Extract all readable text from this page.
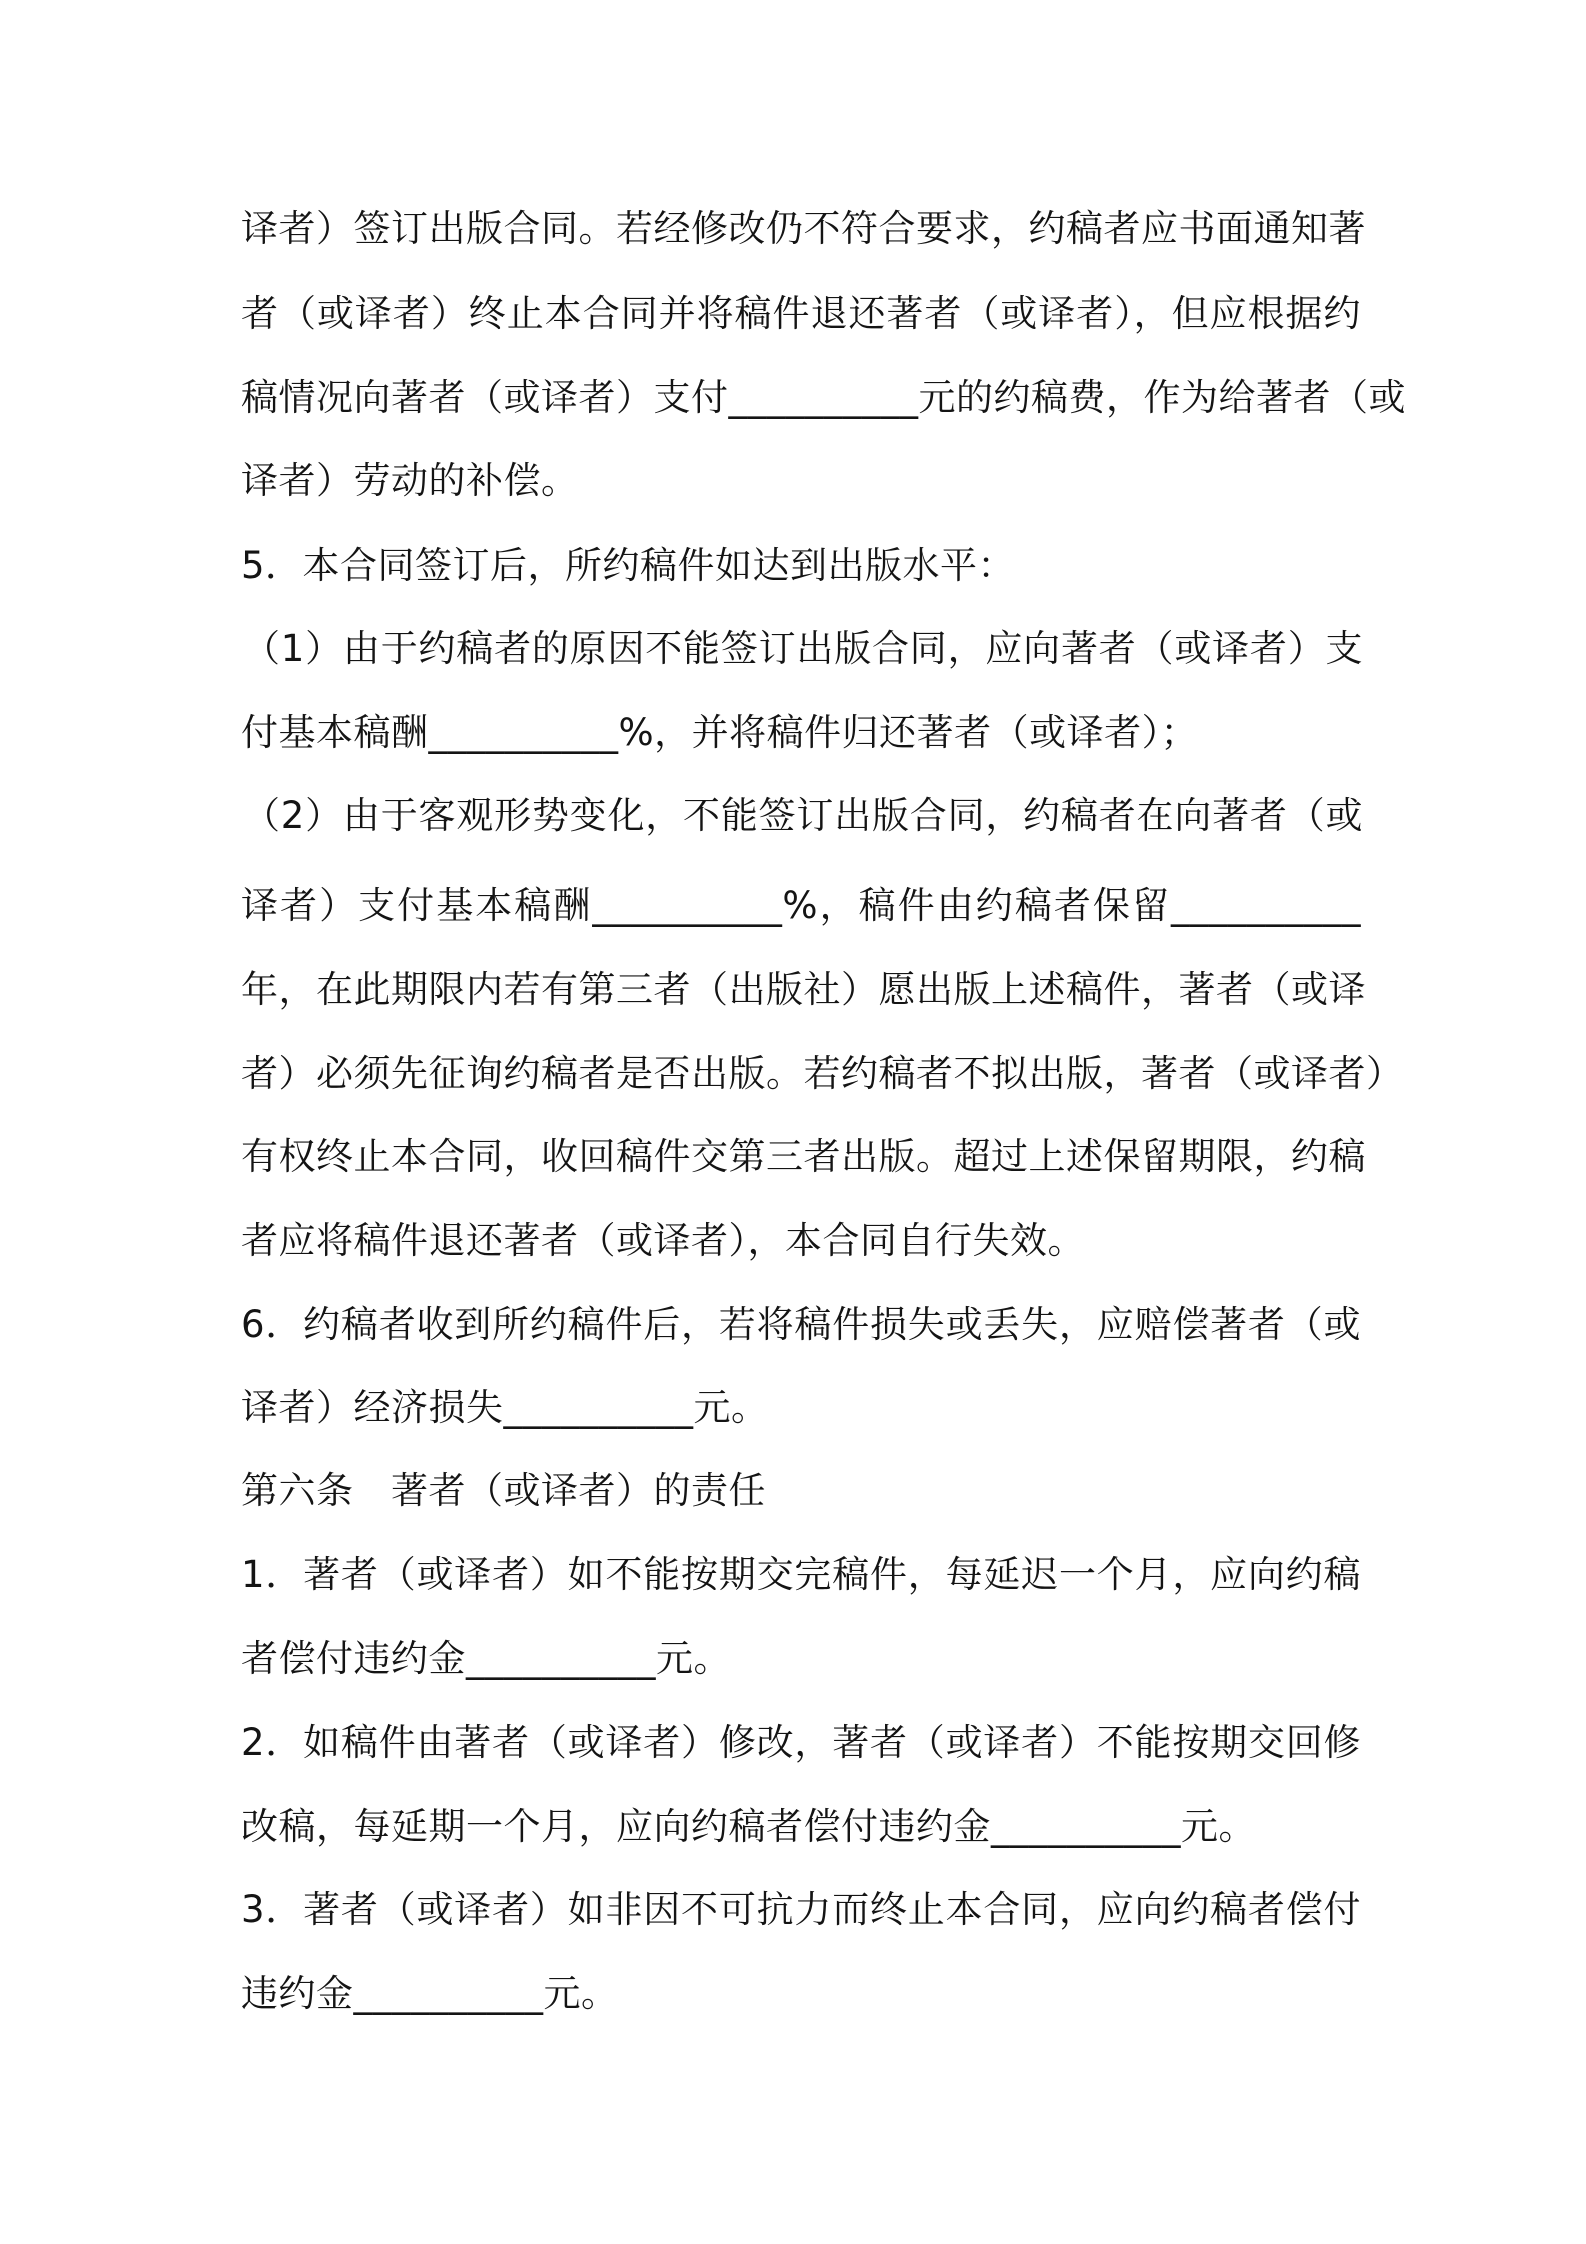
译者）签订出版合同。若经修改仍不符合要求，约稿者应书面通知著
者（或译者）终止本合同并将稿件退还著者（或译者），但应根据约
稿情况向著者（或译者）支付__________元的约稿费，作为给著者（或
译者）劳动的补偿。
5．本合同签订后，所约稿件如达到出版水平：
（1）由于约稿者的原因不能签订出版合同，应向著者（或译者）支
付基本稿酬__________%，并将稿件归还著者（或译者）；
（2）由于客观形势变化，不能签订出版合同，约稿者在向著者（或
译者）支付基本稿酬__________%，稿件由约稿者保留__________
年，在此期限内若有第三者（出版社）愿出版上述稿件，著者（或译
者）必须先征询约稿者是否出版。若约稿者不拟出版，著者（或译者）
有权终止本合同，收回稿件交第三者出版。超过上述保留期限，约稿
者应将稿件退还著者（或译者），本合同自行失效。
6．约稿者收到所约稿件后，若将稿件损失或丢失，应赔偿著者（或
译者）经济损失__________元。
第六条　著者（或译者）的责任
1．著者（或译者）如不能按期交完稿件，每延迟一个月，应向约稿
者偿付违约金__________元。
2．如稿件由著者（或译者）修改，著者（或译者）不能按期交回修
改稿，每延期一个月，应向约稿者偿付违约金__________元。
3．著者（或译者）如非因不可抗力而终止本合同，应向约稿者偿付
违约金__________元。
